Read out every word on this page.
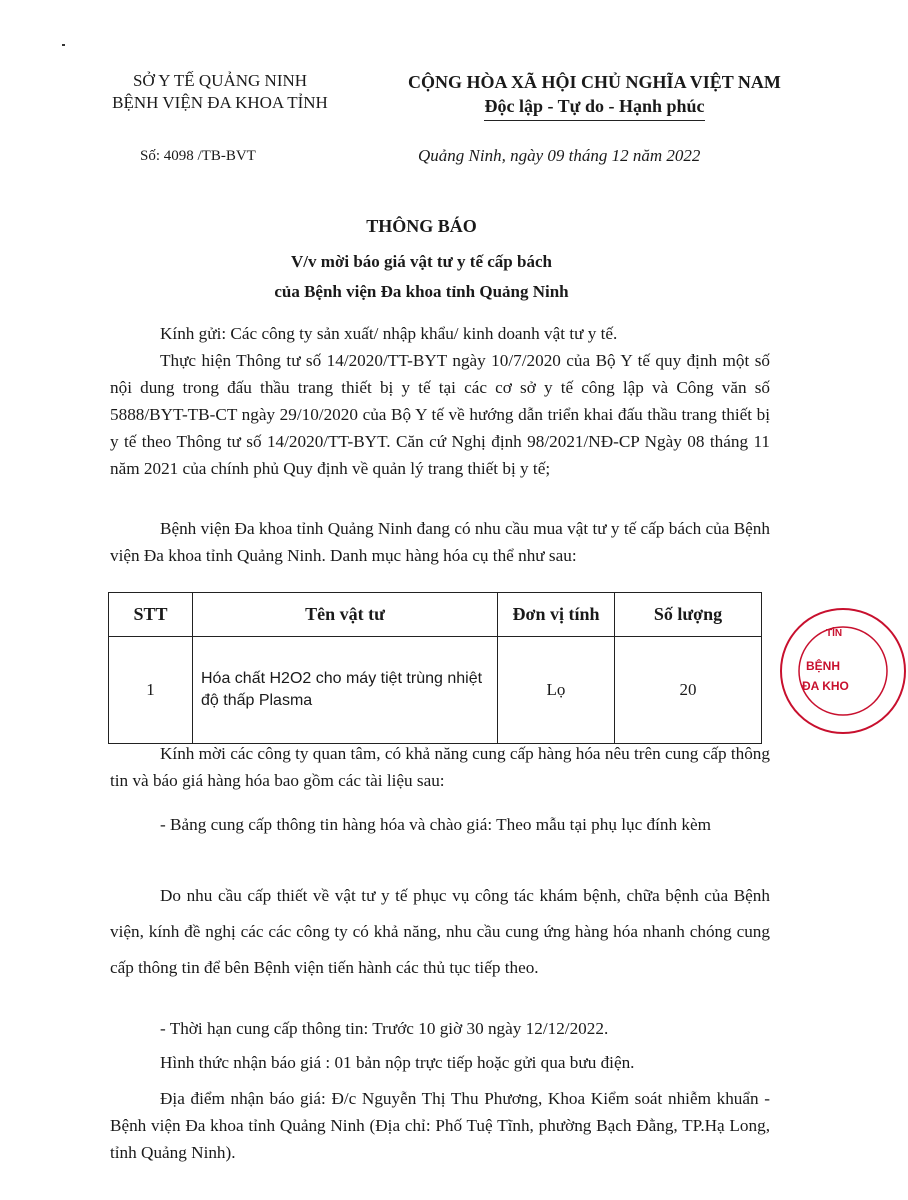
SỞ Y TẾ QUẢNG NINH
BỆNH VIỆN ĐA KHOA TỈNH
CỘNG HÒA XÃ HỘI CHỦ NGHĨA VIỆT NAM
Độc lập - Tự do - Hạnh phúc
Số: 4098 /TB-BVT	Quảng Ninh, ngày 09 tháng 12 năm 2022
THÔNG BÁO
V/v mời báo giá vật tư y tế cấp bách
của Bệnh viện Đa khoa tỉnh Quảng Ninh
Kính gửi: Các công ty sản xuất/ nhập khẩu/ kinh doanh vật tư y tế.
Thực hiện Thông tư số 14/2020/TT-BYT ngày 10/7/2020 của Bộ Y tế quy định một số nội dung trong đấu thầu trang thiết bị y tế tại các cơ sở y tế công lập và Công văn số 5888/BYT-TB-CT ngày 29/10/2020 của Bộ Y tế về hướng dẫn triển khai đấu thầu trang thiết bị y tế theo Thông tư số 14/2020/TT-BYT. Căn cứ Nghị định 98/2021/NĐ-CP Ngày 08 tháng 11 năm 2021 của chính phủ Quy định về quản lý trang thiết bị y tế;
Bệnh viện Đa khoa tỉnh Quảng Ninh đang có nhu cầu mua vật tư y tế cấp bách của Bệnh viện Đa khoa tỉnh Quảng Ninh. Danh mục hàng hóa cụ thể như sau:
STT	Tên vật tư	Đơn vị tính	Số lượng
1	Hóa chất H2O2 cho máy tiệt trùng nhiệt độ thấp Plasma	Lọ	20
Kính mời các công ty quan tâm, có khả năng cung cấp hàng hóa nêu trên cung cấp thông tin và báo giá hàng hóa bao gồm các tài liệu sau:
- Bảng cung cấp thông tin hàng hóa và chào giá: Theo mẫu tại phụ lục đính kèm
Do nhu cầu cấp thiết về vật tư y tế phục vụ công tác khám bệnh, chữa bệnh của Bệnh viện, kính đề nghị các các công ty có khả năng, nhu cầu cung ứng hàng hóa nhanh chóng cung cấp thông tin để bên Bệnh viện tiến hành các thủ tục tiếp theo.
- Thời hạn cung cấp thông tin: Trước 10 giờ 30 ngày 12/12/2022.
Hình thức nhận báo giá : 01 bản nộp trực tiếp hoặc gửi qua bưu điện.
Địa điểm nhận báo giá: Đ/c Nguyễn Thị Thu Phương, Khoa Kiểm soát nhiễm khuẩn - Bệnh viện Đa khoa tỉnh Quảng Ninh (Địa chỉ: Phố Tuệ Tĩnh, phường Bạch Đằng, TP.Hạ Long, tỉnh Quảng Ninh).
TỈN
BỆNH
ĐA KHO
